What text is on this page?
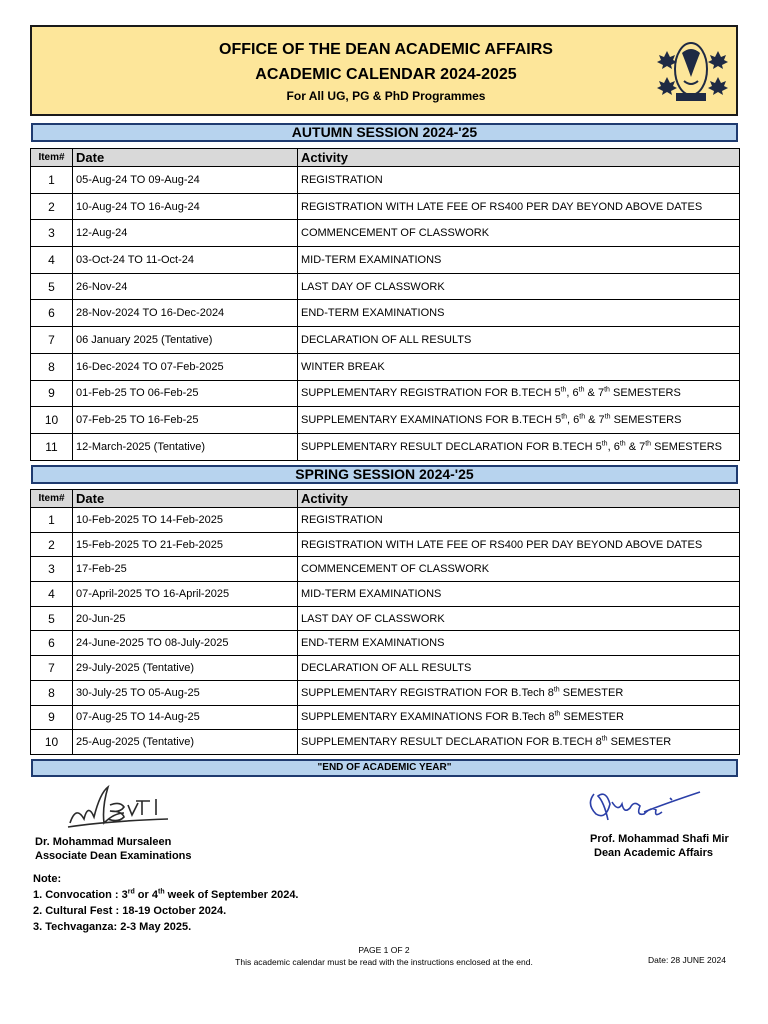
OFFICE OF THE DEAN ACADEMIC AFFAIRS
ACADEMIC CALENDAR 2024-2025
For All UG, PG & PhD Programmes
AUTUMN SESSION 2024-'25
Item#	Date	Activity
1	05-Aug-24 TO 09-Aug-24	REGISTRATION
2	10-Aug-24 TO 16-Aug-24	REGISTRATION WITH LATE FEE OF RS400 PER DAY BEYOND ABOVE DATES
3	12-Aug-24	COMMENCEMENT OF CLASSWORK
4	03-Oct-24 TO 11-Oct-24	MID-TERM EXAMINATIONS
5	26-Nov-24	LAST DAY OF CLASSWORK
6	28-Nov-2024 TO 16-Dec-2024	END-TERM EXAMINATIONS
7	06 January 2025 (Tentative)	DECLARATION OF ALL RESULTS
8	16-Dec-2024 TO 07-Feb-2025	WINTER BREAK
9	01-Feb-25 TO 06-Feb-25	SUPPLEMENTARY REGISTRATION FOR B.TECH 5th, 6th & 7th SEMESTERS
10	07-Feb-25 TO 16-Feb-25	SUPPLEMENTARY EXAMINATIONS FOR B.TECH 5th, 6th & 7th SEMESTERS
11	12-March-2025 (Tentative)	SUPPLEMENTARY RESULT DECLARATION FOR B.TECH 5th, 6th & 7th SEMESTERS
SPRING SESSION 2024-'25
Item#	Date	Activity
1	10-Feb-2025 TO 14-Feb-2025	REGISTRATION
2	15-Feb-2025 TO 21-Feb-2025	REGISTRATION WITH LATE FEE OF RS400 PER DAY BEYOND ABOVE DATES
3	17-Feb-25	COMMENCEMENT OF CLASSWORK
4	07-April-2025 TO 16-April-2025	MID-TERM EXAMINATIONS
5	20-Jun-25	LAST DAY OF CLASSWORK
6	24-June-2025 TO 08-July-2025	END-TERM EXAMINATIONS
7	29-July-2025 (Tentative)	DECLARATION OF ALL RESULTS
8	30-July-25 TO 05-Aug-25	SUPPLEMENTARY REGISTRATION FOR B.Tech 8th SEMESTER
9	07-Aug-25 TO 14-Aug-25	SUPPLEMENTARY EXAMINATIONS FOR B.Tech 8th SEMESTER
10	25-Aug-2025 (Tentative)	SUPPLEMENTARY RESULT DECLARATION FOR B.TECH 8th SEMESTER
"END OF ACADEMIC YEAR"
Dr. Mohammad Mursaleen
Associate Dean Examinations
Prof. Mohammad Shafi Mir
Dean Academic Affairs
Note:
1. Convocation : 3rd or 4th week of September 2024.
2. Cultural Fest : 18-19 October 2024.
3. Techvaganza: 2-3 May 2025.
PAGE 1 OF 2
This academic calendar must be read with the instructions enclosed at the end.	Date: 28 JUNE 2024
